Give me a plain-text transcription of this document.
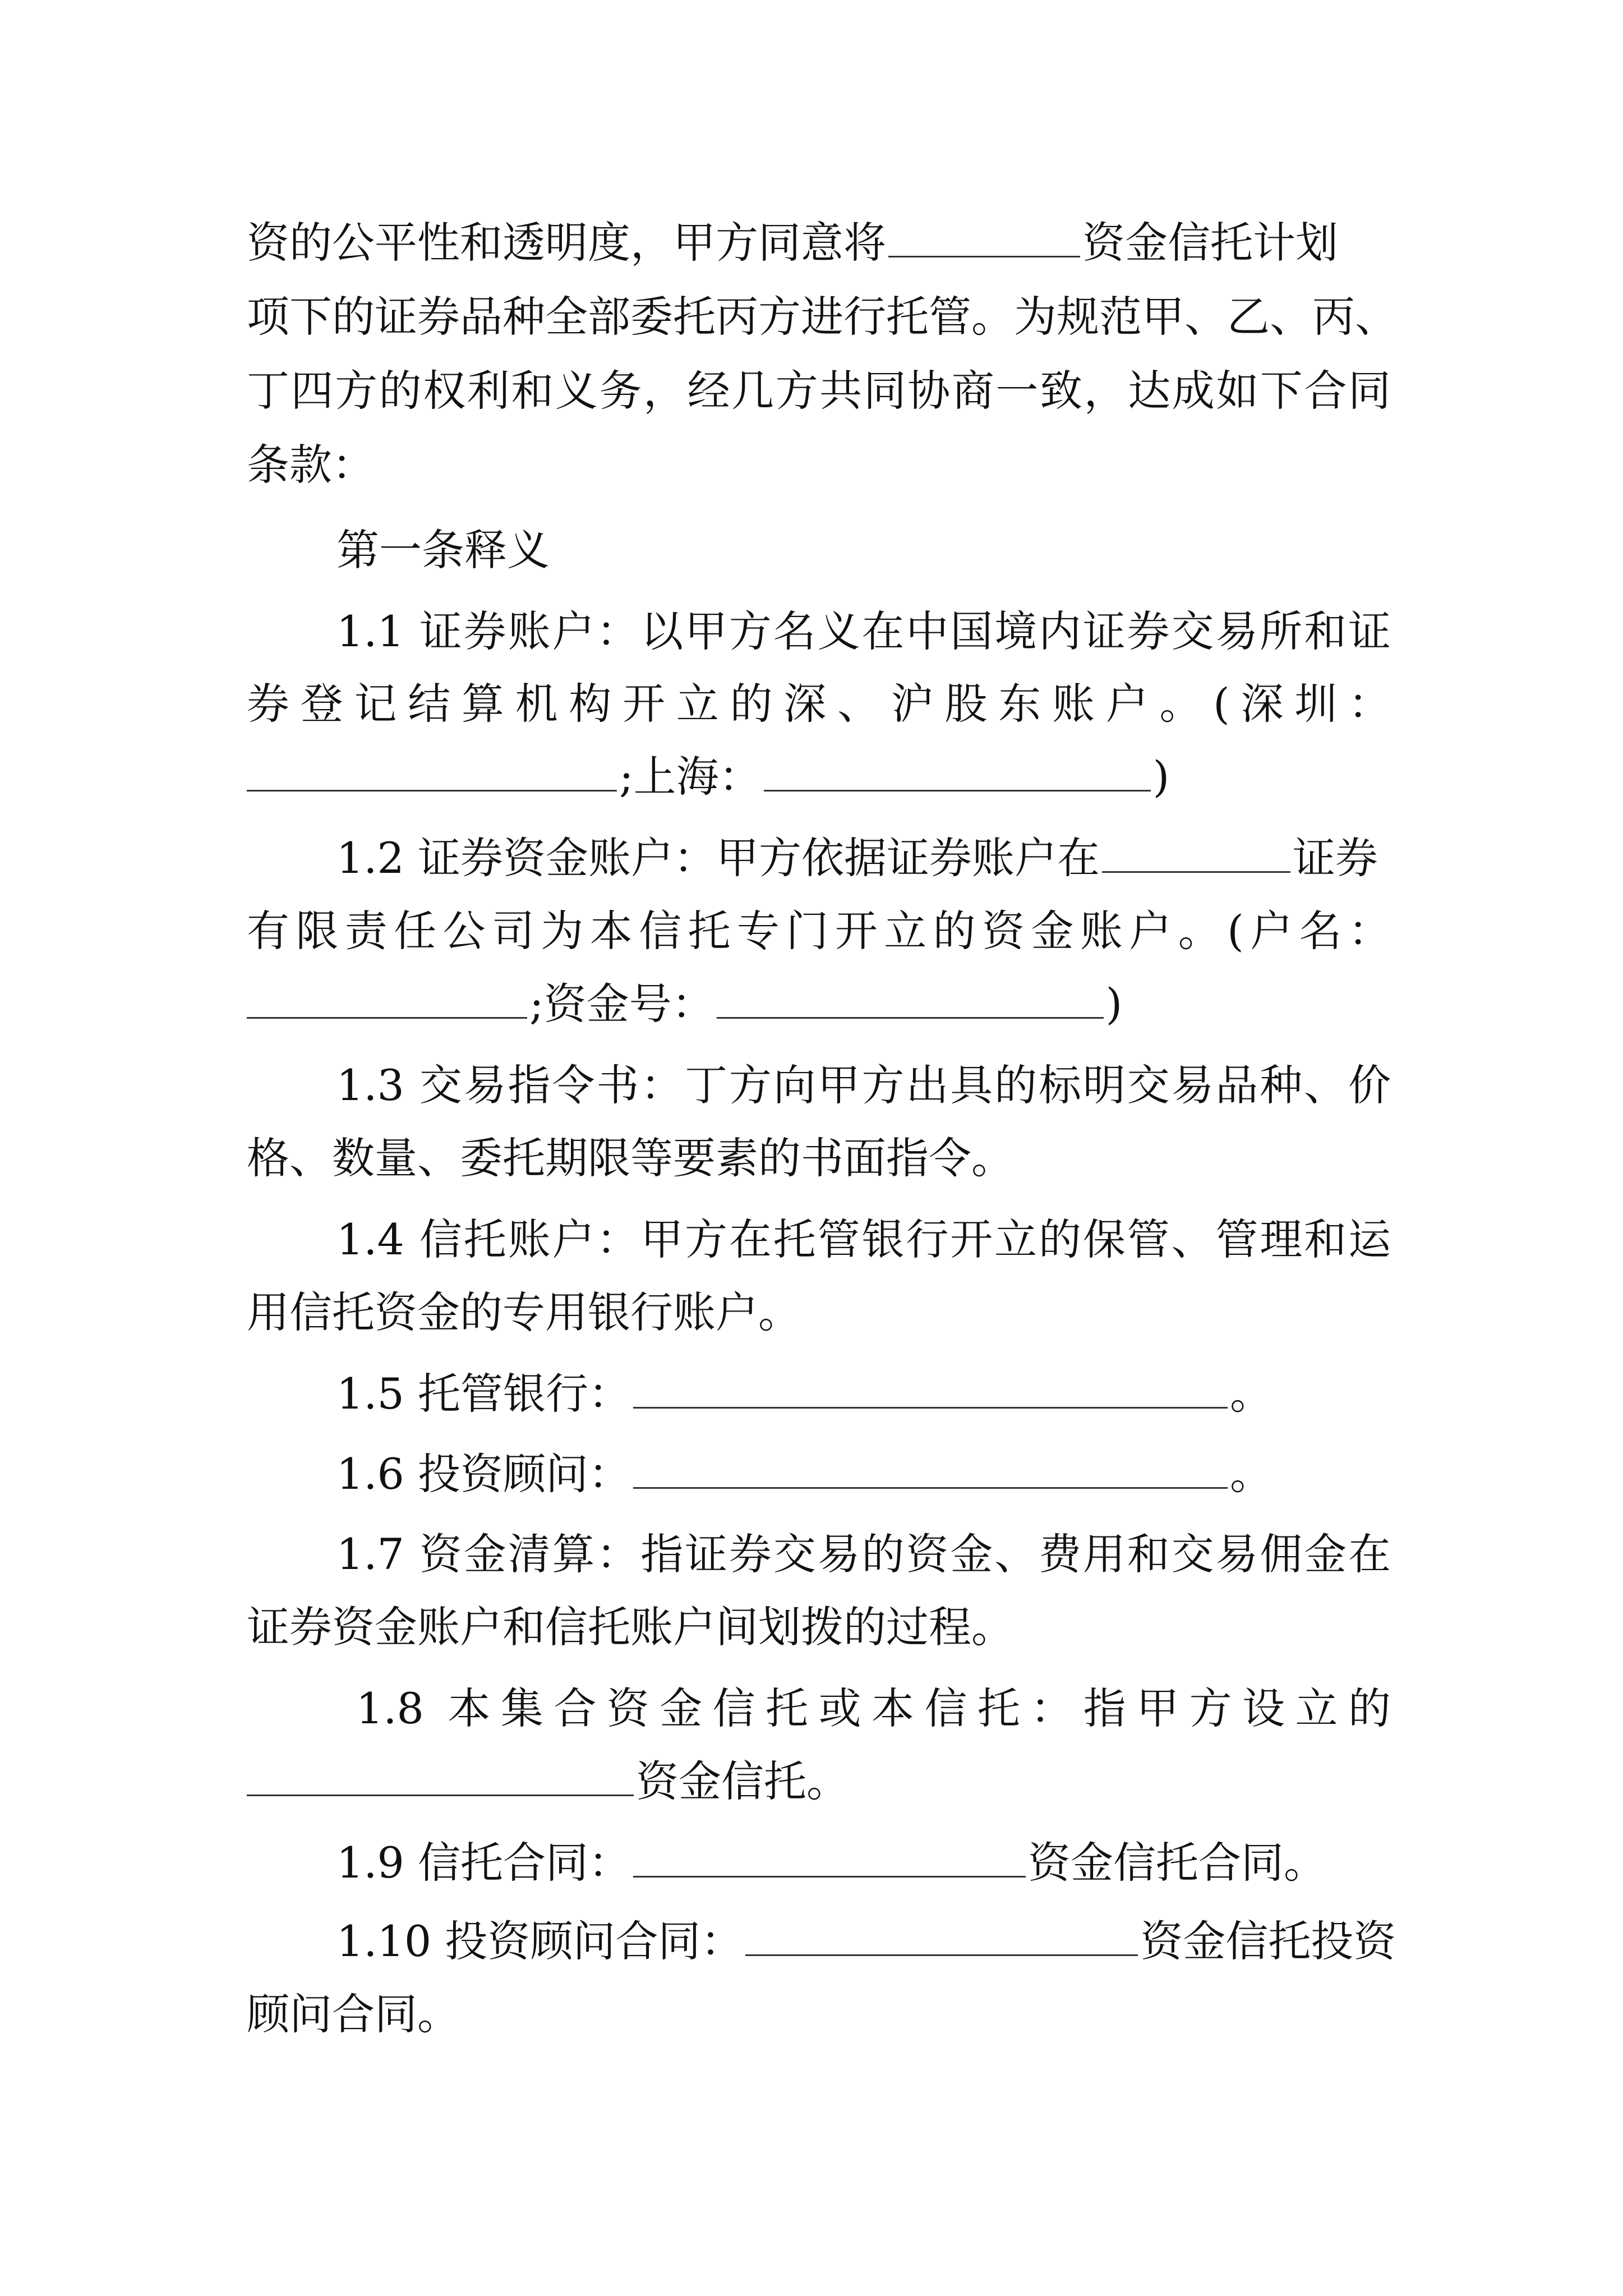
资的公平性和透明度，甲方同意将	资金信托计划
项下的证券品种全部委托丙方进行托管。为规范甲、乙、丙、
丁四方的权利和义务，经几方共同协商一致，达成如下合同
条款：
第一条释义
1.1 证券账户：以甲方名义在中国境内证券交易所和证
券登记结算机构开立的深、沪股东账户。(深圳：
;上海：	)
1.2 证券资金账户：甲方依据证券账户在	证券
有限责任公司为本信托专门开立的资金账户。(户名：
;资金号：	)
1.3 交易指令书：丁方向甲方出具的标明交易品种、价
格、数量、委托期限等要素的书面指令。
1.4 信托账户：甲方在托管银行开立的保管、管理和运
用信托资金的专用银行账户。
1.5 托管银行：	。
1.6 投资顾问：	。
1.7 资金清算：指证券交易的资金、费用和交易佣金在
证券资金账户和信托账户间划拨的过程。
1.8 本集合资金信托或本信托：指甲方设立的
资金信托。
1.9 信托合同：	资金信托合同。
1.10 投资顾问合同：	资金信托投资
顾问合同。
